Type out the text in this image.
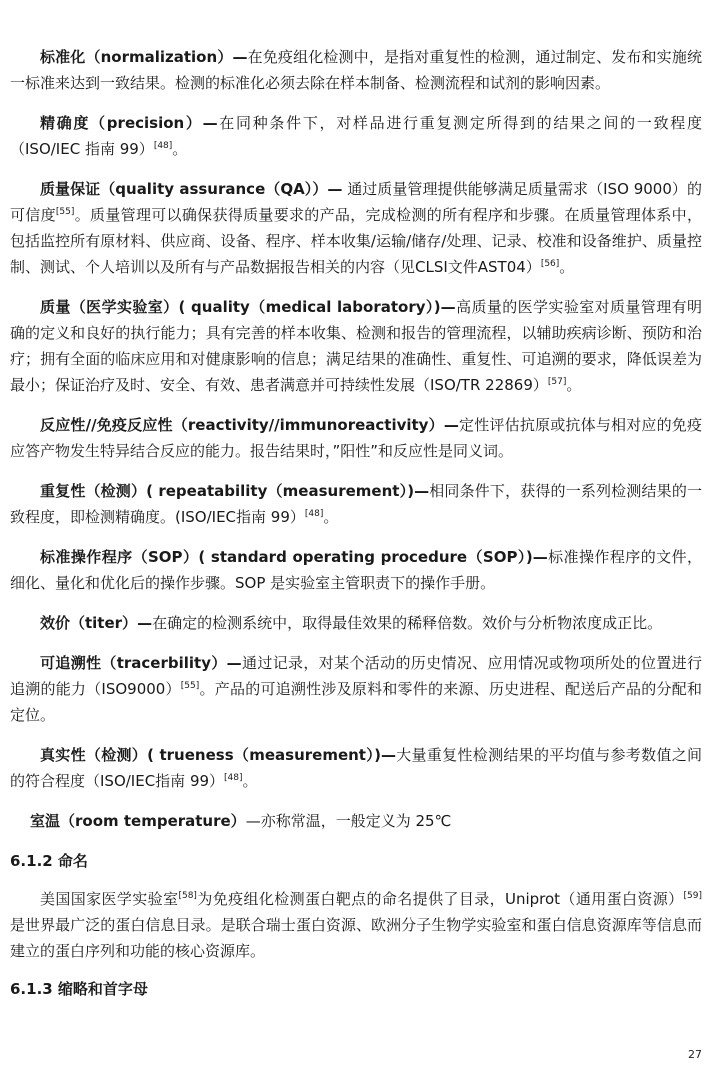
标准化（normalization）—在免疫组化检测中，是指对重复性的检测，通过制定、发布和实施统一标准来达到一致结果。检测的标准化必须去除在样本制备、检测流程和试剂的影响因素。

精确度（precision）—在同种条件下，对样品进行重复测定所得到的结果之间的一致程度（ISO/IEC 指南 99）[48]。

质量保证（quality assurance（QA））— 通过质量管理提供能够满足质量需求（ISO 9000）的可信度[55]。质量管理可以确保获得质量要求的产品，完成检测的所有程序和步骤。在质量管理体系中，包括监控所有原材料、供应商、设备、程序、样本收集/运输/储存/处理、记录、校准和设备维护、质量控制、测试、个人培训以及所有与产品数据报告相关的内容（见CLSI文件AST04）[56]。

质量（医学实验室）( quality（medical laboratory）)—高质量的医学实验室对质量管理有明确的定义和良好的执行能力；具有完善的样本收集、检测和报告的管理流程，以辅助疾病诊断、预防和治疗；拥有全面的临床应用和对健康影响的信息；满足结果的准确性、重复性、可追溯的要求，降低误差为最小；保证治疗及时、安全、有效、患者满意并可持续性发展（ISO/TR 22869）[57]。

反应性//免疫反应性（reactivity//immunoreactivity）—定性评估抗原或抗体与相对应的免疫应答产物发生特异结合反应的能力。报告结果时，”阳性”和反应性是同义词。

重复性（检测）( repeatability（measurement）)—相同条件下，获得的一系列检测结果的一致程度，即检测精确度。(ISO/IEC指南 99）[48]。

标准操作程序（SOP）( standard operating procedure（SOP）)—标准操作程序的文件，细化、量化和优化后的操作步骤。SOP 是实验室主管职责下的操作手册。

效价（titer）—在确定的检测系统中，取得最佳效果的稀释倍数。效价与分析物浓度成正比。

可追溯性（tracerbility）—通过记录，对某个活动的历史情况、应用情况或物项所处的位置进行追溯的能力（ISO9000）[55]。产品的可追溯性涉及原料和零件的来源、历史进程、配送后产品的分配和定位。

真实性（检测）( trueness（measurement）)—大量重复性检测结果的平均值与参考数值之间的符合程度（ISO/IEC指南 99）[48]。

室温（room temperature）—亦称常温，一般定义为 25℃

6.1.2 命名

美国国家医学实验室[58]为免疫组化检测蛋白靶点的命名提供了目录，Uniprot（通用蛋白资源）[59]是世界最广泛的蛋白信息目录。是联合瑞士蛋白资源、欧洲分子生物学实验室和蛋白信息资源库等信息而建立的蛋白序列和功能的核心资源库。

6.1.3 缩略和首字母
27
